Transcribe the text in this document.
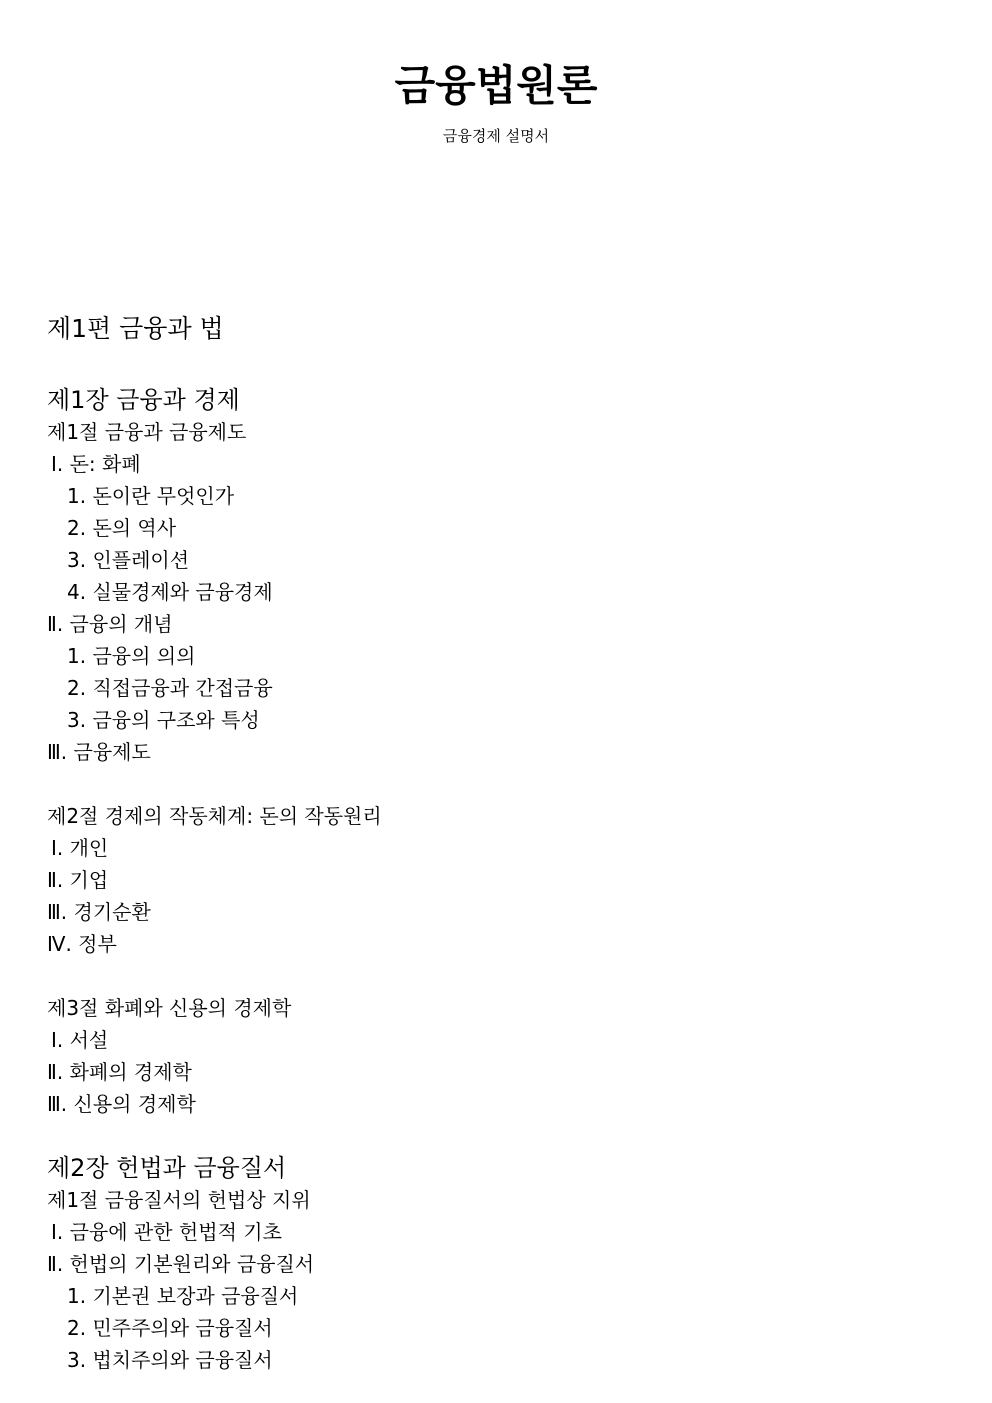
금융법원론

금융경제 설명서

제1편 금융과 법
제1장 금융과 경제
제1절 금융과 금융제도
Ⅰ. 돈: 화폐
1. 돈이란 무엇인가
2. 돈의 역사
3. 인플레이션
4. 실물경제와 금융경제
Ⅱ. 금융의 개념
1. 금융의 의의
2. 직접금융과 간접금융
3. 금융의 구조와 특성
Ⅲ. 금융제도
제2절 경제의 작동체계: 돈의 작동원리
Ⅰ. 개인
Ⅱ. 기업
Ⅲ. 경기순환
Ⅳ. 정부
제3절 화폐와 신용의 경제학
Ⅰ. 서설
Ⅱ. 화폐의 경제학
Ⅲ. 신용의 경제학
제2장 헌법과 금융질서
제1절 금융질서의 헌법상 지위
Ⅰ. 금융에 관한 헌법적 기초
Ⅱ. 헌법의 기본원리와 금융질서
1. 기본권 보장과 금융질서
2. 민주주의와 금융질서
3. 법치주의와 금융질서
